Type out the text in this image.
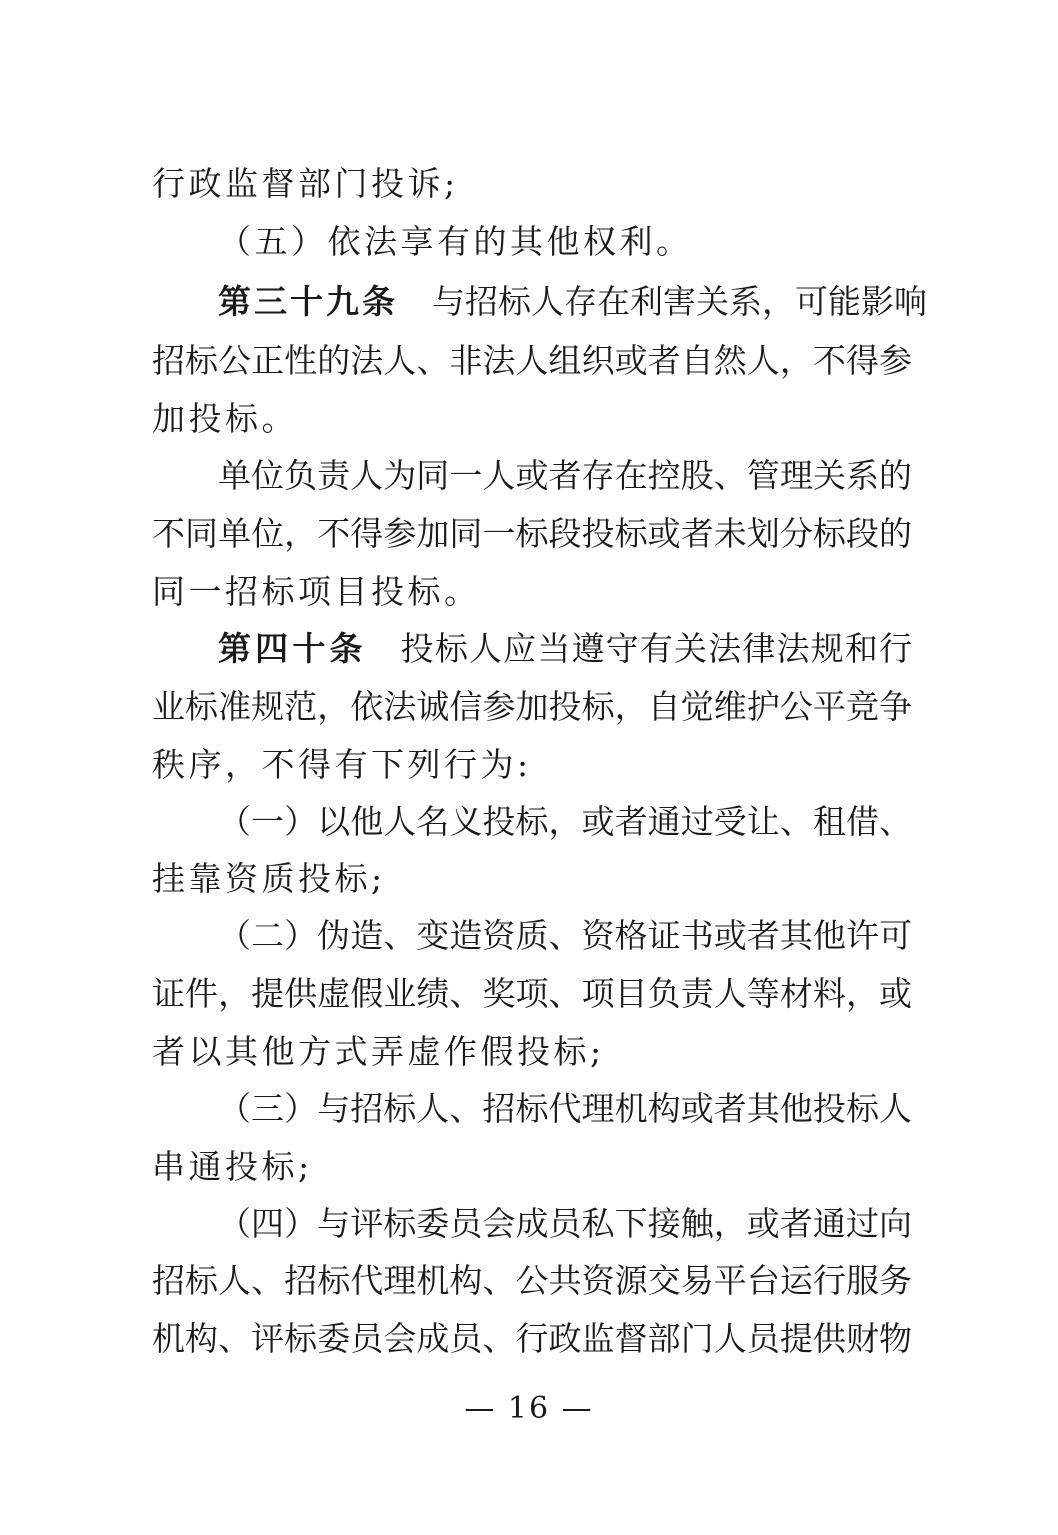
行政监督部门投诉;
（五）依法享有的其他权利。
第三十九条 与招标人存在利害关系，可能影响
招标公正性的法人、非法人组织或者自然人，不得参
加投标。
单位负责人为同一人或者存在控股、管理关系的
不同单位，不得参加同一标段投标或者未划分标段的
同一招标项目投标。
第四十条 投标人应当遵守有关法律法规和行
业标准规范，依法诚信参加投标，自觉维护公平竞争
秩序，不得有下列行为:
（一）以他人名义投标，或者通过受让、租借、
挂靠资质投标;
（二）伪造、变造资质、资格证书或者其他许可
证件，提供虚假业绩、奖项、项目负责人等材料，或
者以其他方式弄虚作假投标;
（三）与招标人、招标代理机构或者其他投标人
串通投标;
（四）与评标委员会成员私下接触，或者通过向
招标人、招标代理机构、公共资源交易平台运行服务
机构、评标委员会成员、行政监督部门人员提供财物
— 16 —
